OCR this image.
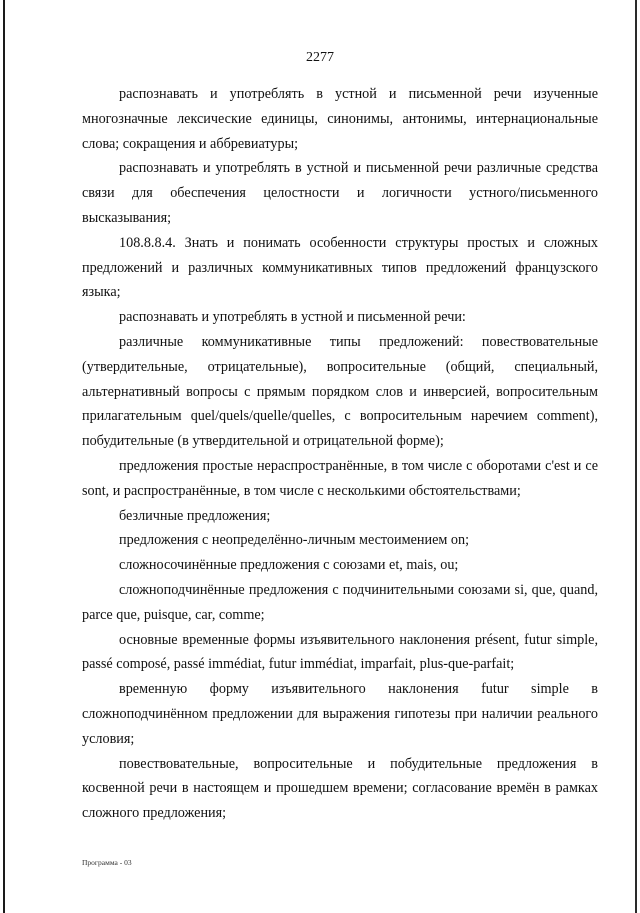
2277

распознавать и употреблять в устной и письменной речи изученные многозначные лексические единицы, синонимы, антонимы, интернациональные слова; сокращения и аббревиатуры;

распознавать и употреблять в устной и письменной речи различные средства связи для обеспечения целостности и логичности устного/письменного высказывания;

108.8.8.4. Знать и понимать особенности структуры простых и сложных предложений и различных коммуникативных типов предложений французского языка;

распознавать и употреблять в устной и письменной речи:

различные коммуникативные типы предложений: повествовательные (утвердительные, отрицательные), вопросительные (общий, специальный, альтернативный вопросы с прямым порядком слов и инверсией, вопросительным прилагательным quel/quels/quelle/quelles, с вопросительным наречием comment), побудительные (в утвердительной и отрицательной форме);

предложения простые нераспространённые, в том числе с оборотами c'est и ce sont, и распространённые, в том числе с несколькими обстоятельствами;

безличные предложения;

предложения с неопределённо-личным местоимением on;

сложносочинённые предложения с союзами et, mais, ou;

сложноподчинённые предложения с подчинительными союзами si, que, quand, parce que, puisque, car, comme;

основные временные формы изъявительного наклонения présent, futur simple, passé composé, passé immédiat, futur immédiat, imparfait, plus-que-parfait;

временную форму изъявительного наклонения futur simple в сложноподчинённом предложении для выражения гипотезы при наличии реального условия;

повествовательные, вопросительные и побудительные предложения в косвенной речи в настоящем и прошедшем времени; согласование времён в рамках сложного предложения;

Программа - 03
